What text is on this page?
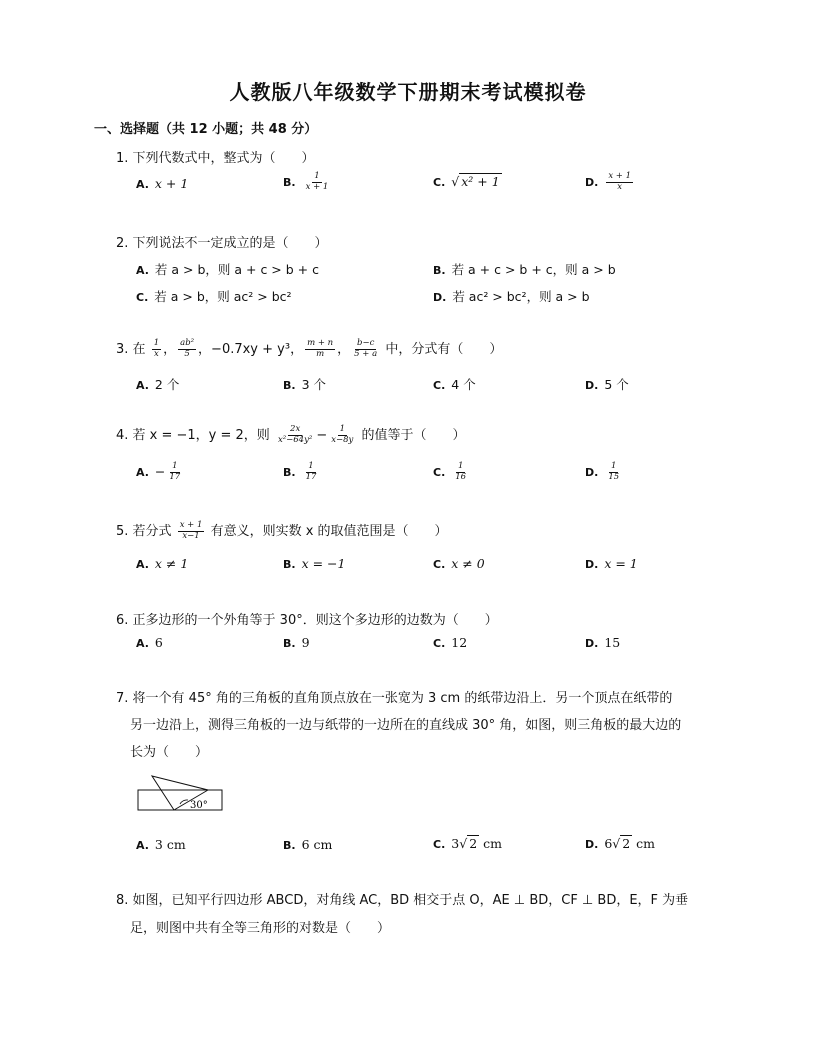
人教版八年级数学下册期末考试模拟卷
一、选择题（共 12 小题；共 48 分）
1. 下列代数式中，整式为（　　）
A. x + 1	B. $\frac{1}{x + 1}$	C. √ x² + 1	D. $\frac{x + 1}{x}$
2. 下列说法不一定成立的是（　　）
A. 若 a > b，则 a + c > b + c	B. 若 a + c > b + c，则 a > b
C. 若 a > b，则 ac² > bc²	D. 若 ac² > bc²，则 a > b
3. 在 $\frac{1}{x}$ ， $\frac{\text{ab²}}{5}$ ，−0.7xy + y³， $\frac{m + n}{m}$ ， $\frac{b-c}{5 + a}$ 中，分式有（　　）
A. 2 个	B. 3 个	C. 4 个	D. 5 个
4. 若 x = −1，y = 2，则 $\frac{2x}{\text{x²−64y²}} - \frac{1}{x-8y}$ 的值等于（　　）
A. − $\frac{1}{17}$	B. $\frac{1}{17}$	C. $\frac{1}{16}$	D. $\frac{1}{15}$
5. 若分式 $\frac{x + 1}{x-1}$ 有意义，则实数 x 的取值范围是（　　）
A. x ≠ 1	B. x = −1	C. x ≠ 0	D. x = 1
6. 正多边形的一个外角等于 30°．则这个多边形的边数为（　　）
A. 6	B. 9	C. 12	D. 15
7. 将一个有 45° 角的三角板的直角顶点放在一张宽为 3 cm 的纸带边沿上．另一个顶点在纸带的
另一边沿上，测得三角板的一边与纸带的一边所在的直线成 30° 角，如图，则三角板的最大边的
长为（　　）
30°
A. 3 cm	B. 6 cm	C. 3√ 2 cm	D. 6√ 2 cm
8. 如图，已知平行四边形 ABCD，对角线 AC，BD 相交于点 O，AE ⊥ BD，CF ⊥ BD，E，F 为垂
足，则图中共有全等三角形的对数是（　　）
